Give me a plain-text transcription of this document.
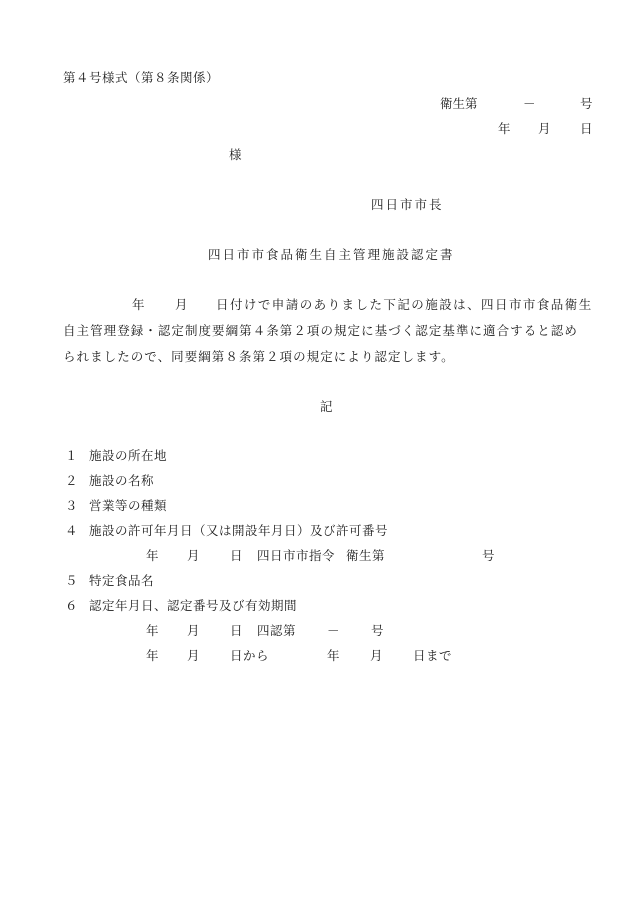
第４号様式（第８条関係）
衛生第	－	号
年 月 日
様
四日市市長
四日市市食品衛生自主管理施設認定書
年 月 日付けで申請のありました下記の施設は、四日市市食品衛生
自主管理登録・認定制度要綱第４条第２項の規定に基づく認定基準に適合すると認め
られましたので、同要綱第８条第２項の規定により認定します。
記
１ 施設の所在地
２ 施設の名称
３ 営業等の種類
４ 施設の許可年月日（又は開設年月日）及び許可番号
年 月 日 四日市市指令 衛生第	号
５ 特定食品名
６ 認定年月日、認定番号及び有効期間
年 月 日 四認第 －	号
年 月 日から	年 月 日まで
